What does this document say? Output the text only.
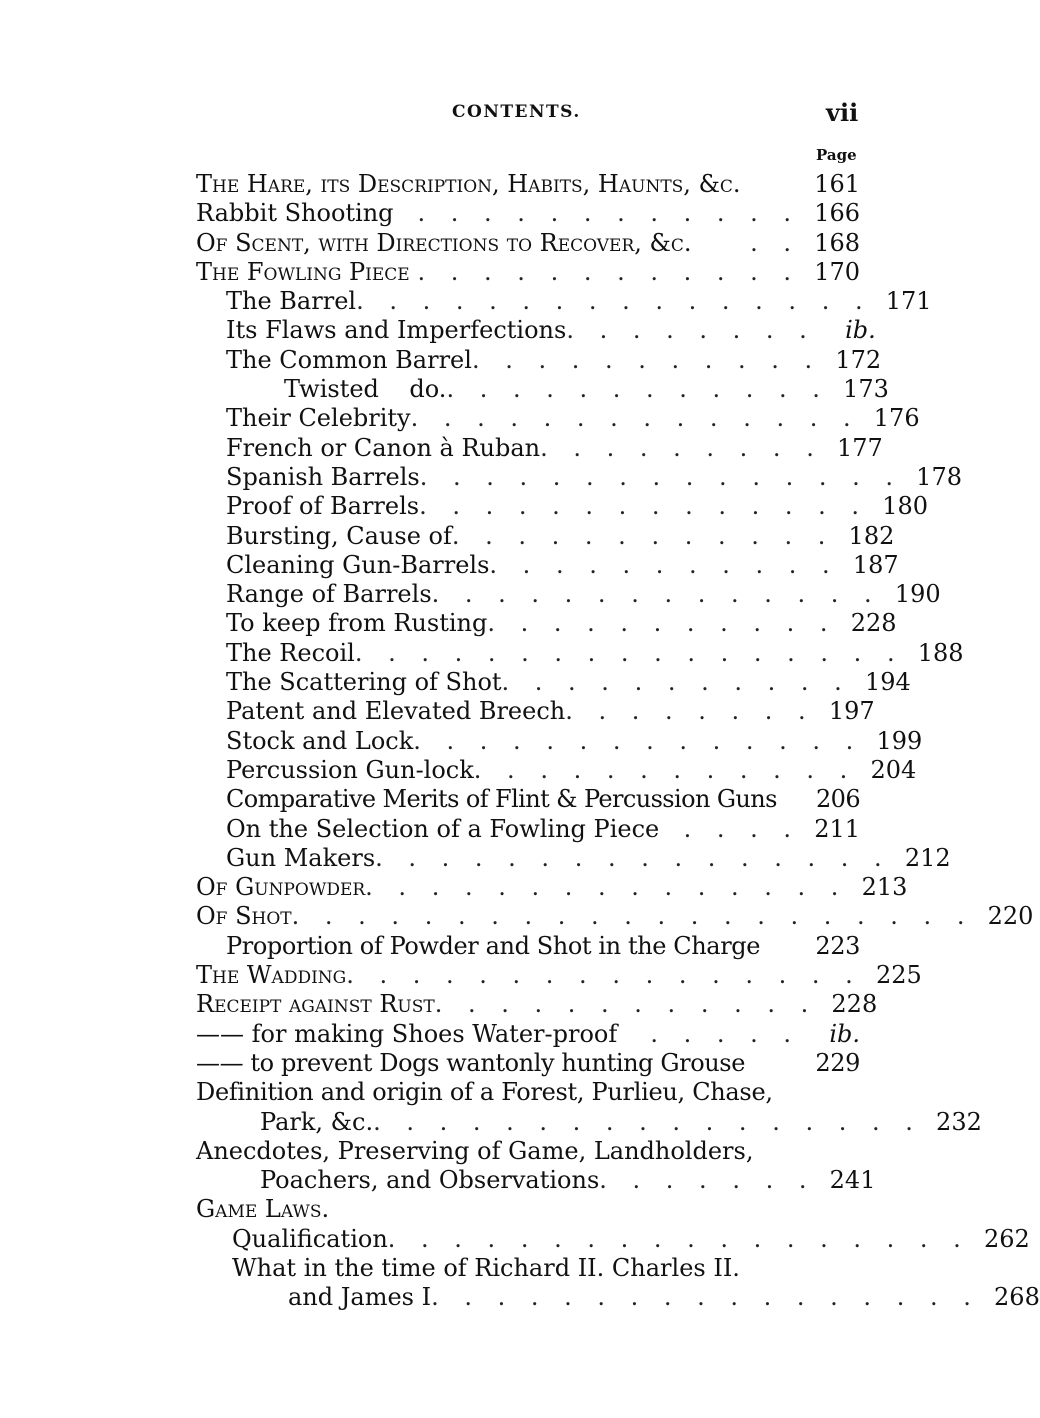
CONTENTS.	vii
Page
The Hare, its Description, Habits, Haunts, &c.	161
Rabbit Shooting . . . . . . . . . . . . 166
Of Scent, with Directions to Recover, &c.	. . 168
The Fowling Piece . . . . . . . . . . . . 170
The Barrel . . . . . . . . . . . . . . . . 171
Its Flaws and Imperfections . . . . . . . .	ib.
The Common Barrel . . . . . . . . . . . 172
Twisted    do. . . . . . . . . . . . . 173
Their Celebrity . . . . . . . . . . . . . . 176
French or Canon à Ruban . . . . . . . . . 177
Spanish Barrels . . . . . . . . . . . . . . . 178
Proof of Barrels . . . . . . . . . . . . . . 180
Bursting, Cause of . . . . . . . . . . . . 182
Cleaning Gun-Barrels . . . . . . . . . . . 187
Range of Barrels . . . . . . . . . . . . . . 190
To keep from Rusting . . . . . . . . . . . 228
The Recoil . . . . . . . . . . . . . . . . . 188
The Scattering of Shot . . . . . . . . . . . 194
Patent and Elevated Breech . . . . . . . . 197
Stock and Lock . . . . . . . . . . . . . . 199
Percussion Gun-lock . . . . . . . . . . . . 204
Comparative Merits of Flint & Percussion Guns	206
On the Selection of a Fowling Piece	. . . . 211
Gun Makers . . . . . . . . . . . . . . . . 212
Of Gunpowder . . . . . . . . . . . . . . . 213
Of Shot . . . . . . . . . . . . . . . . . . . . . 220
Proportion of Powder and Shot in the Charge	223
The Wadding . . . . . . . . . . . . . . . . 225
Receipt against Rust . . . . . . . . . . . . 228
—— for making Shoes Water-proof	. . . . .	ib.
—— to prevent Dogs wantonly hunting Grouse	229
Definition and origin of a Forest, Purlieu, Chase,
Park, &c. . . . . . . . . . . . . . . . . . 232
Anecdotes, Preserving of Game, Landholders,
Poachers, and Observations . . . . . . . 241
Game Laws.
Qualification . . . . . . . . . . . . . . . . . . 262
What in the time of Richard II. Charles II.
and James I . . . . . . . . . . . . . . . . . 268
